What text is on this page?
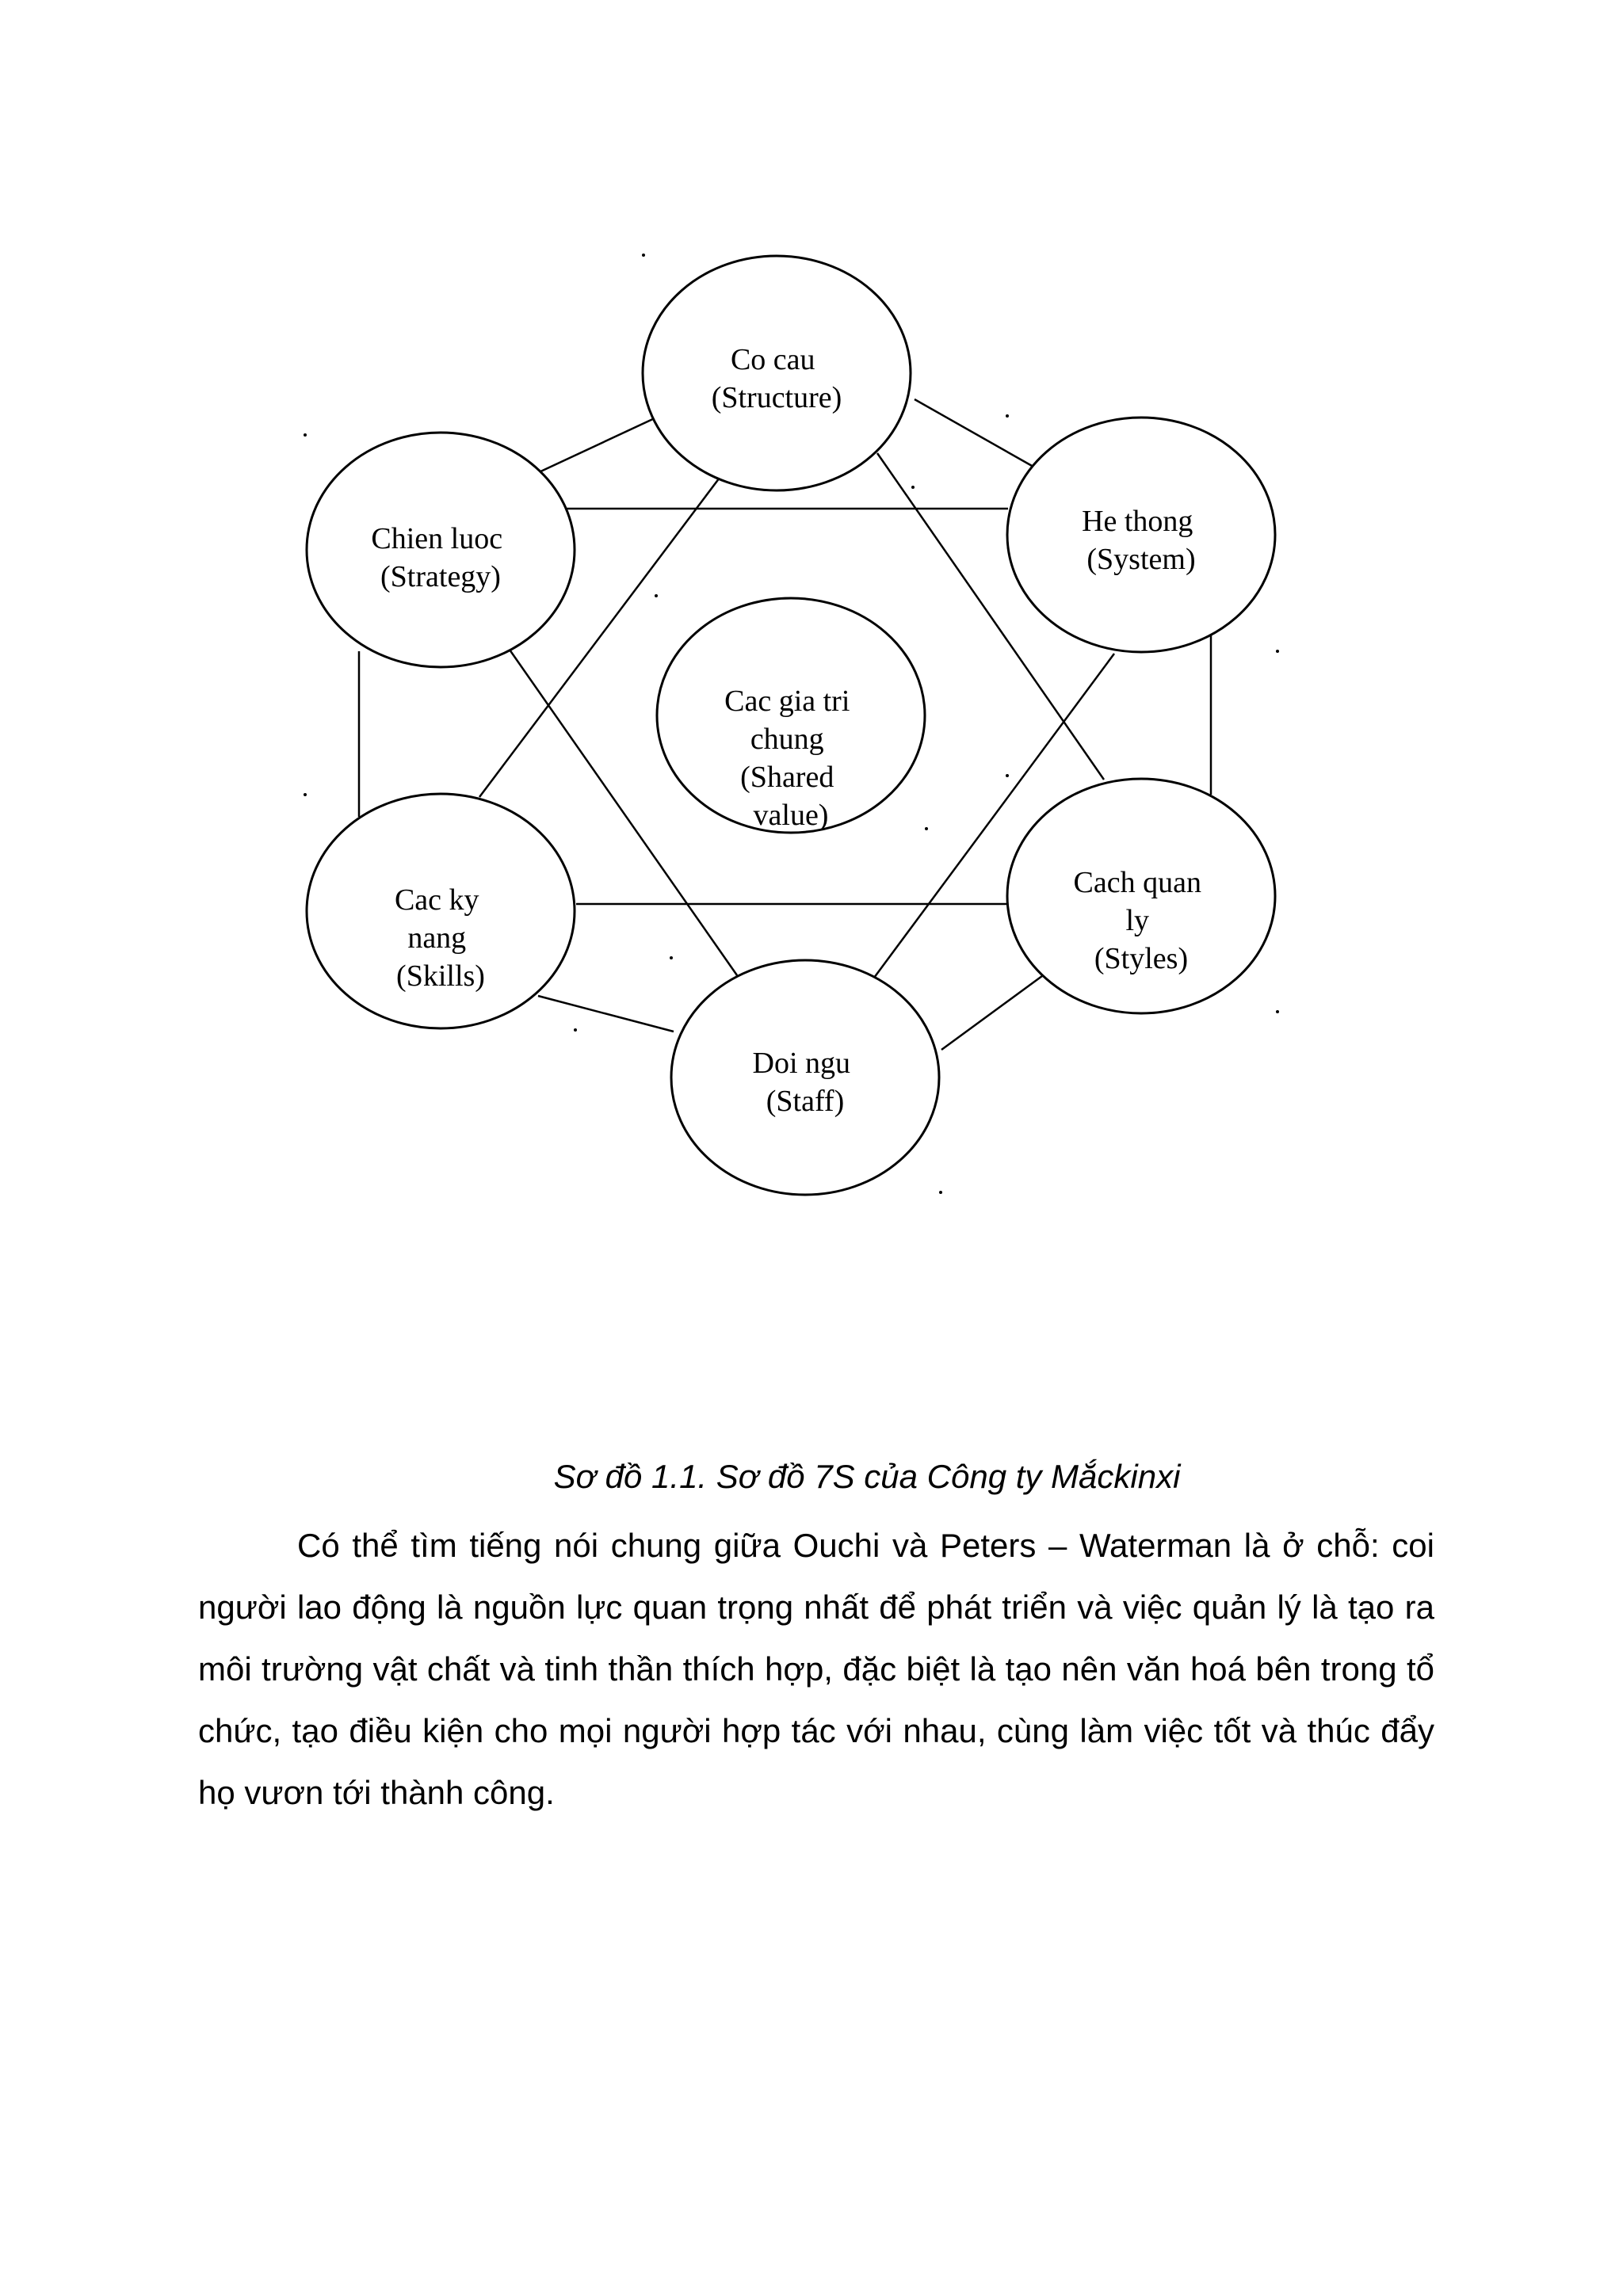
Co cau (Structure)
He thong (System)
Cach quan ly (Styles)
Doi ngu (Staff)
Cac ky nang (Skills)
Chien luoc (Strategy)
Cac gia tri chung (Shared value)
Sơ đồ 1.1. Sơ đồ 7S của Công ty Mắckinxi

Có thể tìm tiếng nói chung giữa Ouchi và Peters – Waterman là ở chỗ: coi người lao động là nguồn lực quan trọng nhất để phát triển và việc quản lý là tạo ra môi trường vật chất và tinh thần thích hợp, đặc biệt là tạo nên văn hoá bên trong tổ chức, tạo điều kiện cho mọi người hợp tác với nhau, cùng làm việc tốt và thúc đẩy họ vươn tới thành công.
